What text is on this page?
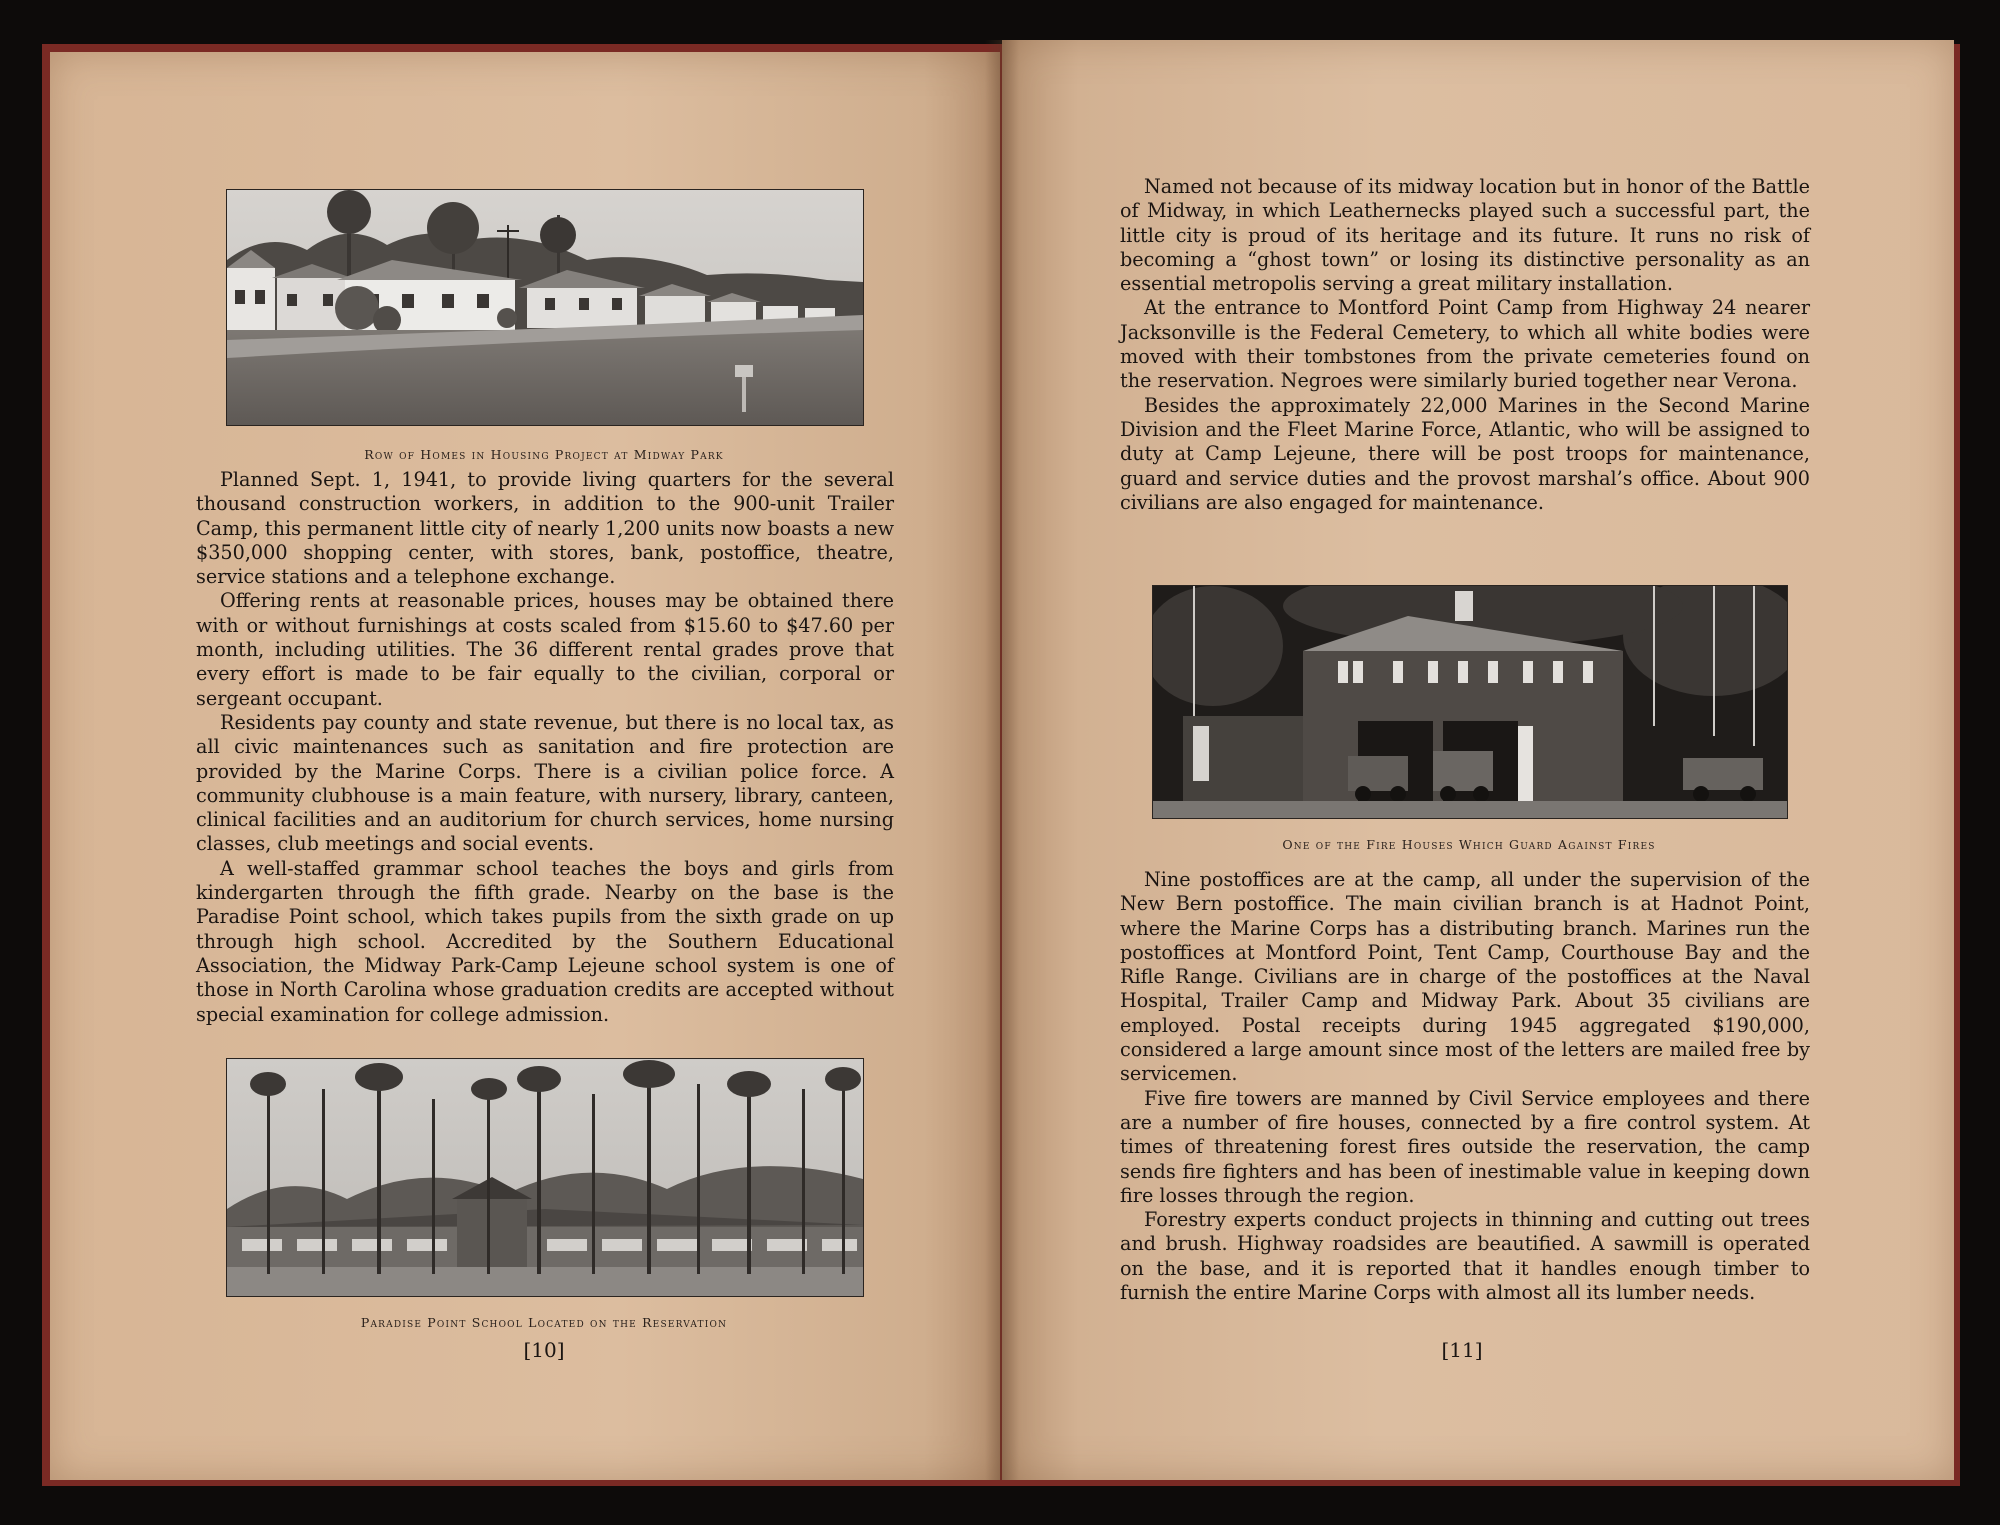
Row of Homes in Housing Project at Midway Park

Planned Sept. 1, 1941, to provide living quarters for the several thousand construction workers, in addition to the 900-unit Trailer Camp, this permanent little city of nearly 1,200 units now boasts a new $350,000 shopping center, with stores, bank, postoffice, theatre, service stations and a telephone exchange.

Offering rents at reasonable prices, houses may be obtained there with or without furnishings at costs scaled from $15.60 to $47.60 per month, including utilities. The 36 different rental grades prove that every effort is made to be fair equally to the civilian, corporal or sergeant occupant.

Residents pay county and state revenue, but there is no local tax, as all civic maintenances such as sanitation and fire protection are provided by the Marine Corps. There is a civilian police force. A community clubhouse is a main feature, with nursery, library, canteen, clinical facilities and an auditorium for church services, home nursing classes, club meetings and social events.

A well-staffed grammar school teaches the boys and girls from kindergarten through the fifth grade. Nearby on the base is the Paradise Point school, which takes pupils from the sixth grade on up through high school. Accredited by the Southern Educational Association, the Midway Park-Camp Lejeune school system is one of those in North Carolina whose graduation credits are accepted without special examination for college admission.

Paradise Point School Located on the Reservation
[10]

Named not because of its midway location but in honor of the Battle of Midway, in which Leathernecks played such a successful part, the little city is proud of its heritage and its future. It runs no risk of becoming a “ghost town” or losing its distinctive personality as an essential metropolis serving a great military installation.

At the entrance to Montford Point Camp from Highway 24 nearer Jacksonville is the Federal Cemetery, to which all white bodies were moved with their tombstones from the private cemeteries found on the reservation. Negroes were similarly buried together near Verona.

Besides the approximately 22,000 Marines in the Second Marine Division and the Fleet Marine Force, Atlantic, who will be assigned to duty at Camp Lejeune, there will be post troops for maintenance, guard and service duties and the provost marshal’s office. About 900 civilians are also engaged for maintenance.

One of the Fire Houses Which Guard Against Fires

Nine postoffices are at the camp, all under the supervision of the New Bern postoffice. The main civilian branch is at Hadnot Point, where the Marine Corps has a distributing branch. Marines run the postoffices at Montford Point, Tent Camp, Courthouse Bay and the Rifle Range. Civilians are in charge of the postoffices at the Naval Hospital, Trailer Camp and Midway Park. About 35 civilians are employed. Postal receipts during 1945 aggregated $190,000, considered a large amount since most of the letters are mailed free by servicemen.

Five fire towers are manned by Civil Service employees and there are a number of fire houses, connected by a fire control system. At times of threatening forest fires outside the reservation, the camp sends fire fighters and has been of inestimable value in keeping down fire losses through the region.

Forestry experts conduct projects in thinning and cutting out trees and brush. Highway roadsides are beautified. A sawmill is operated on the base, and it is reported that it handles enough timber to furnish the entire Marine Corps with almost all its lumber needs.

[11]
